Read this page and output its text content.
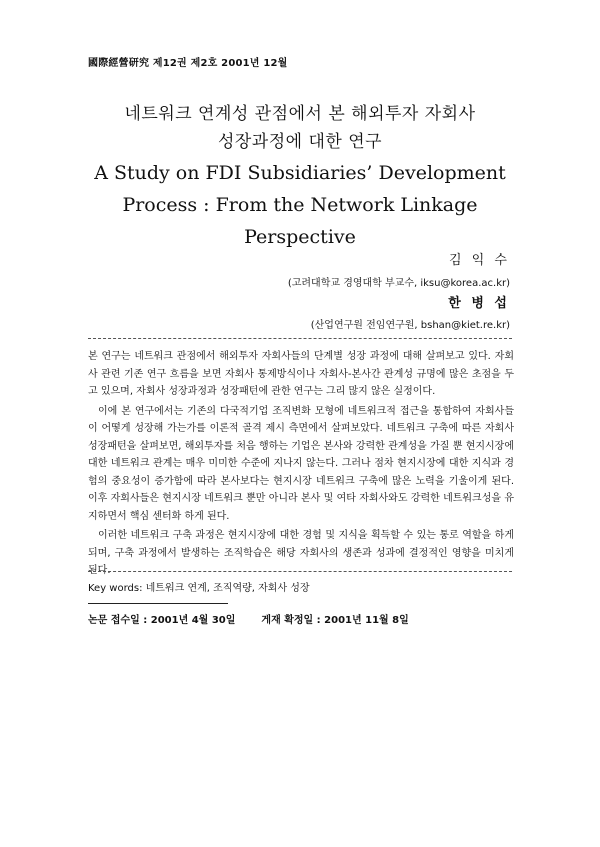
國際經營研究 제12권 제2호 2001년 12월
네트워크 연계성 관점에서 본 해외투자 자회사
성장과정에 대한 연구
A Study on FDI Subsidiaries’ Development
Process : From the Network Linkage
Perspective
김 익 수
(고려대학교 경영대학 부교수, iksu@korea.ac.kr)
한 병 섭
(산업연구원 전임연구원, bshan@kiet.re.kr)

본 연구는 네트워크 관점에서 해외투자 자회사들의 단계별 성장 과정에 대해 살펴보고 있다. 자회사 관련 기존 연구 흐름을 보면 자회사 통제방식이나 자회사-본사간 관계성 규명에 많은 초점을 두고 있으며, 자회사 성장과정과 성장패턴에 관한 연구는 그리 많지 않은 실정이다.

이에 본 연구에서는 기존의 다국적기업 조직변화 모형에 네트워크적 접근을 통합하여 자회사들이 어떻게 성장해 가는가를 이론적 골격 제시 측면에서 살펴보았다. 네트워크 구축에 따른 자회사 성장패턴을 살펴보면, 해외투자를 처음 행하는 기업은 본사와 강력한 관계성을 가질 뿐 현지시장에 대한 네트워크 관계는 매우 미미한 수준에 지나지 않는다. 그러나 점차 현지시장에 대한 지식과 경험의 중요성이 증가함에 따라 본사보다는 현지시장 네트워크 구축에 많은 노력을 기울이게 된다. 이후 자회사들은 현지시장 네트워크 뿐만 아니라 본사 및 여타 자회사와도 강력한 네트워크성을 유지하면서 핵심 센터화 하게 된다.

이러한 네트워크 구축 과정은 현지시장에 대한 경험 및 지식을 획득할 수 있는 통로 역할을 하게 되며, 구축 과정에서 발생하는 조직학습은 해당 자회사의 생존과 성과에 결정적인 영향을 미치게 된다.

Key words: 네트워크 연계, 조직역량, 자회사 성장
논문 접수일 : 2001년 4월 30일	게재 확정일 : 2001년 11월 8일
